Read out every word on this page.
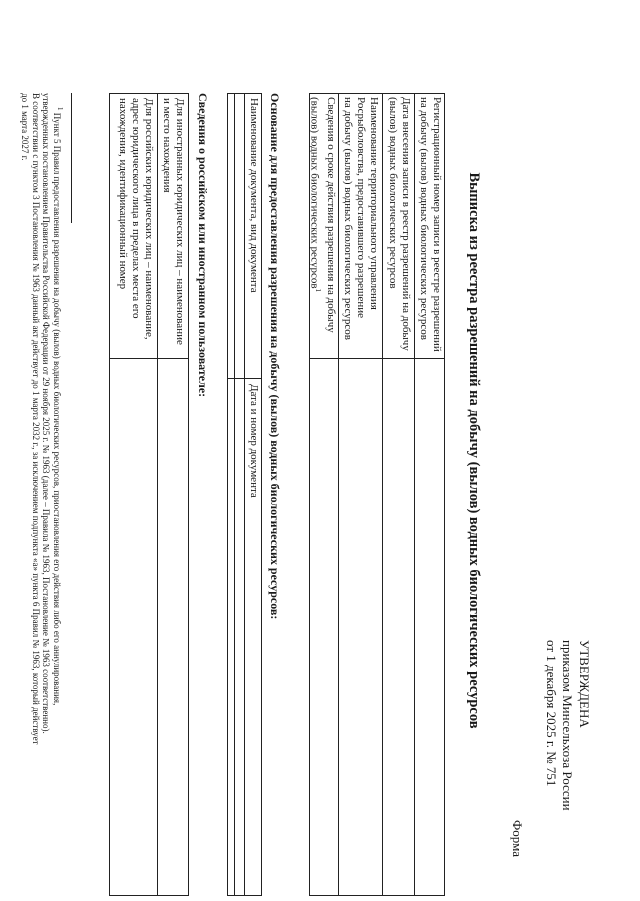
УТВЕРЖДЕНА
приказом Минсельхоза России
от 1 декабря 2025 г. № 751
Форма
Выписка из реестра разрешений на добычу (вылов) водных биологических ресурсов
Регистрационный номер записи в реестре разрешений
на добычу (вылов) водных биологических ресурсов
Дата внесения записи в реестр разрешений на добычу
(вылов) водных биологических ресурсов
Наименование территориального управления
Росрыболовства, предоставившего разрешение
на добычу (вылов) водных биологических ресурсов
Сведения о сроке действия разрешения на добычу
(вылов) водных биологических ресурсов$^1$
Основание для предоставления разрешения на добычу (вылов) водных биологических ресурсов:
Наименование документа, вид документа
Дата и номер документа
Сведения о российском или иностранном пользователе:
Для иностранных юридических лиц – наименование
и место нахождения
Для российских юридических лиц – наименование,
адрес юридического лица в пределах места его
нахождения, идентификационный номер
$^1$ Пункт 5 Правил предоставления разрешения на добычу (вылов) водных биологических ресурсов, приостановления его действия либо его аннулирования,
утвержденных постановлением Правительства Российской Федерации от 29 ноября 2025 г. № 1963 (далее – Правила № 1963, Постановление № 1963 соответственно).
В соответствии с пунктом 3 Постановления № 1963 данный акт действует до 1 марта 2032 г., за исключением подпункта «а» пункта 6 Правил № 1963, который действует
до 1 марта 2027 г.
